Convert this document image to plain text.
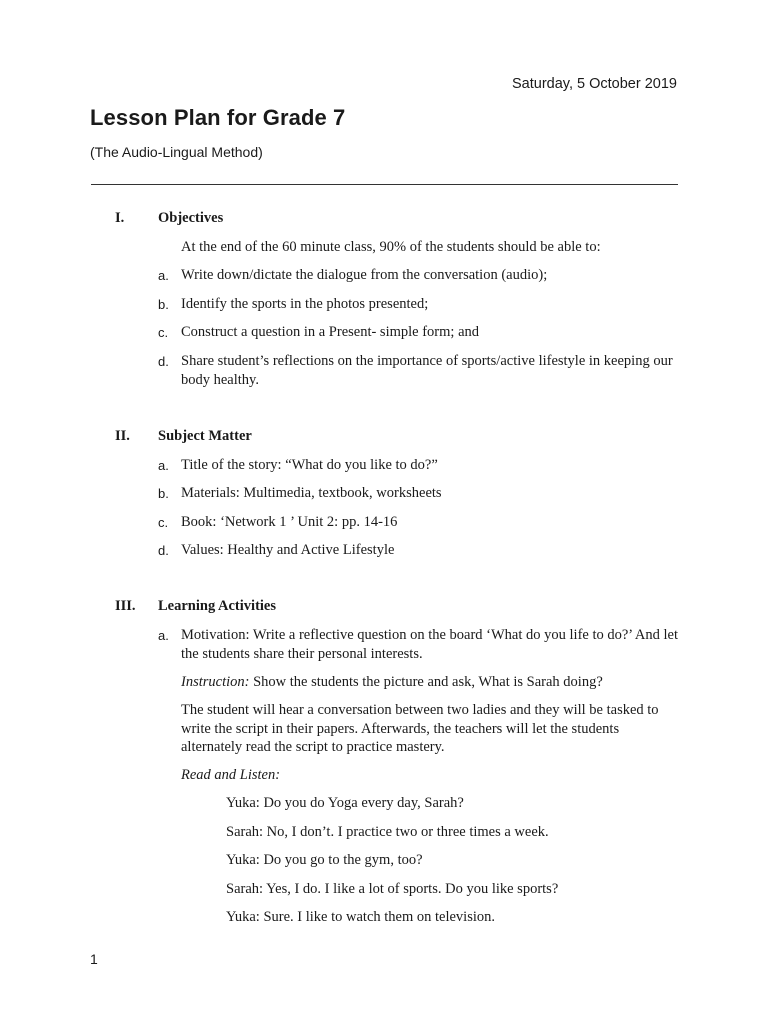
Saturday, 5 October 2019
Lesson Plan for Grade 7
(The Audio-Lingual Method)
I. Objectives
At the end of the 60 minute class, 90% of the students should be able to:
a. Write down/dictate the dialogue from the conversation (audio);
b. Identify the sports in the photos presented;
c. Construct a question in a Present- simple form; and
d. Share student’s reflections on the importance of sports/active lifestyle in keeping our body healthy.
II. Subject Matter
a. Title of the story: “What do you like to do?”
b. Materials: Multimedia, textbook, worksheets
c. Book: ‘Network 1 ’ Unit 2: pp. 14-16
d. Values: Healthy and Active Lifestyle
III. Learning Activities
a. Motivation: Write a reflective question on the board ‘What do you life to do?’ And let the students share their personal interests.
Instruction: Show the students the picture and ask, What is Sarah doing?
The student will hear a conversation between two ladies and they will be tasked to write the script in their papers. Afterwards, the teachers will let the students alternately read the script to practice mastery.
Read and Listen:
Yuka: Do you do Yoga every day, Sarah?
Sarah: No, I don’t. I practice two or three times a week.
Yuka: Do you go to the gym, too?
Sarah: Yes, I do. I like a lot of sports. Do you like sports?
Yuka: Sure. I like to watch them on television.
1
